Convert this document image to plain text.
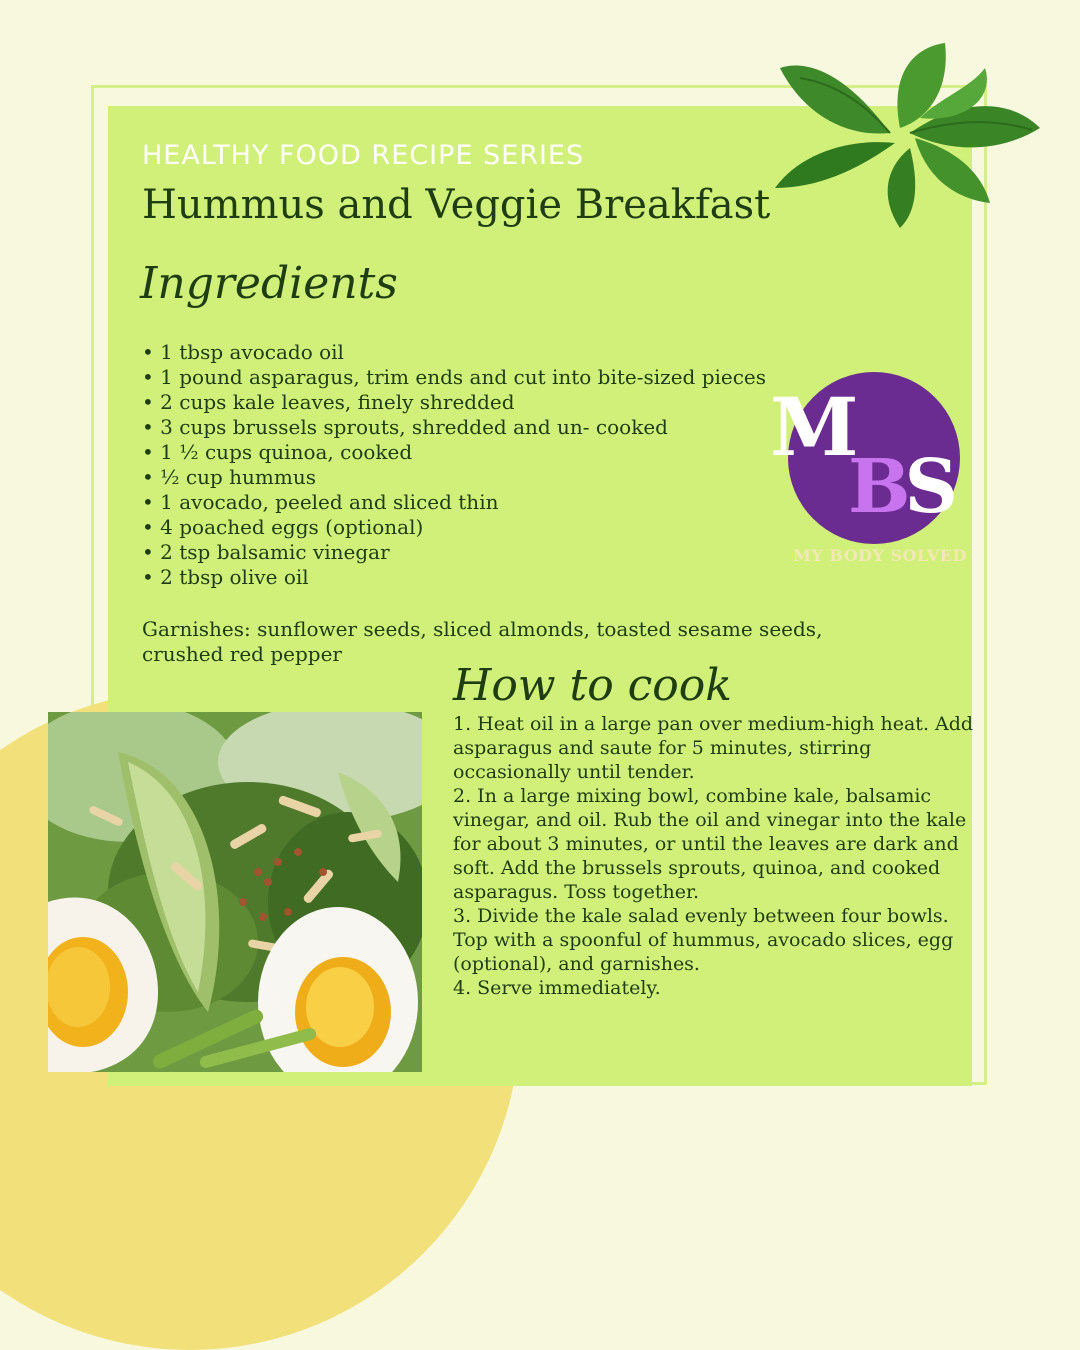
HEALTHY FOOD RECIPE SERIES
Hummus and Veggie Breakfast
Ingredients
• 1 tbsp avocado oil
• 1 pound asparagus, trim ends and cut into bite-sized pieces
• 2 cups kale leaves, finely shredded
• 3 cups brussels sprouts, shredded and un- cooked
• 1 ½ cups quinoa, cooked
• ½ cup hummus
• 1 avocado, peeled and sliced thin
• 4 poached eggs (optional)
• 2 tsp balsamic vinegar
• 2 tbsp olive oil
Garnishes: sunflower seeds, sliced almonds, toasted sesame seeds, crushed red pepper
How to cook

1. Heat oil in a large pan over medium-high heat. Add asparagus and saute for 5 minutes, stirring occasionally until tender.

2. In a large mixing bowl, combine kale, balsamic vinegar, and oil. Rub the oil and vinegar into the kale for about 3 minutes, or until the leaves are dark and soft. Add the brussels sprouts, quinoa, and cooked asparagus. Toss together.

3. Divide the kale salad evenly between four bowls. Top with a spoonful of hummus, avocado slices, egg (optional), and garnishes.

4. Serve immediately.

M
BS
MY BODY SOLVED
